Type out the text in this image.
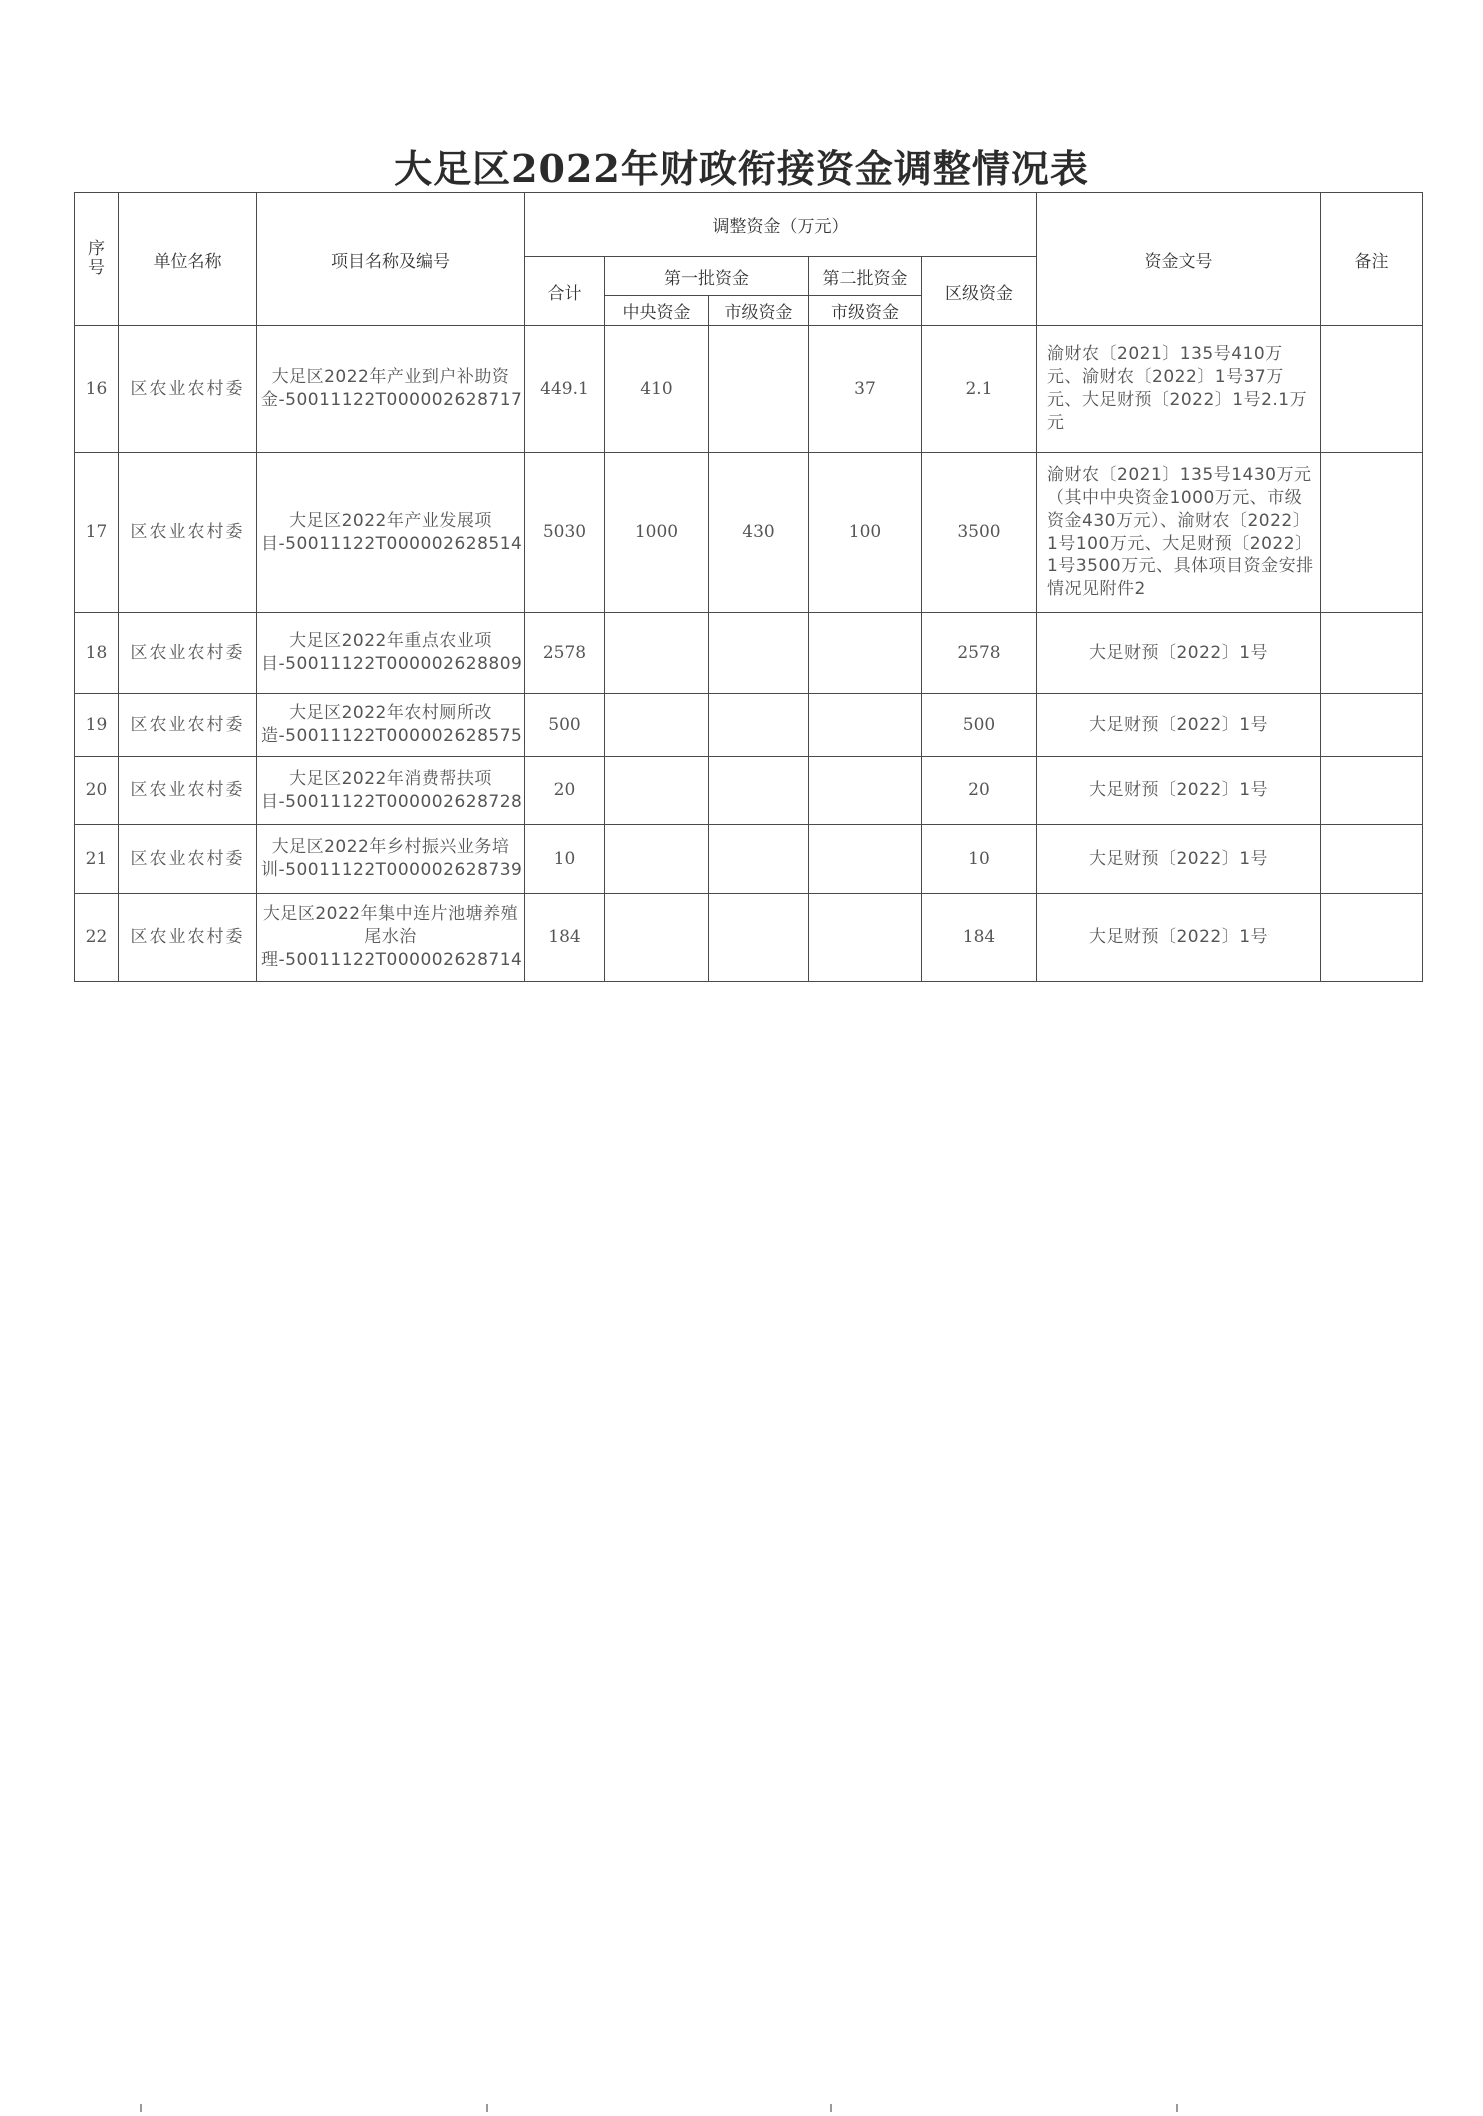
大足区2022年财政衔接资金调整情况表
序号	单位名称	项目名称及编号	调整资金（万元）					资金文号	备注
			合计	第一批资金		第二批资金	区级资金		
				中央资金	市级资金	市级资金			
16	区农业农村委	大足区2022年产业到户补助资金-50011122T000002628717	449.1	410		37	2.1	渝财农〔2021〕135号410万元、渝财农〔2022〕1号37万元、大足财预〔2022〕1号2.1万元	
17	区农业农村委	大足区2022年产业发展项目-50011122T000002628514	5030	1000	430	100	3500	渝财农〔2021〕135号1430万元（其中中央资金1000万元、市级资金430万元）、渝财农〔2022〕1号100万元、大足财预〔2022〕1号3500万元、具体项目资金安排情况见附件2	
18	区农业农村委	大足区2022年重点农业项目-50011122T000002628809	2578				2578	大足财预〔2022〕1号	
19	区农业农村委	大足区2022年农村厕所改造-50011122T000002628575	500				500	大足财预〔2022〕1号	
20	区农业农村委	大足区2022年消费帮扶项目-50011122T000002628728	20				20	大足财预〔2022〕1号	
21	区农业农村委	大足区2022年乡村振兴业务培训-50011122T000002628739	10				10	大足财预〔2022〕1号	
22	区农业农村委	大足区2022年集中连片池塘养殖尾水治理-50011122T000002628714	184				184	大足财预〔2022〕1号	
